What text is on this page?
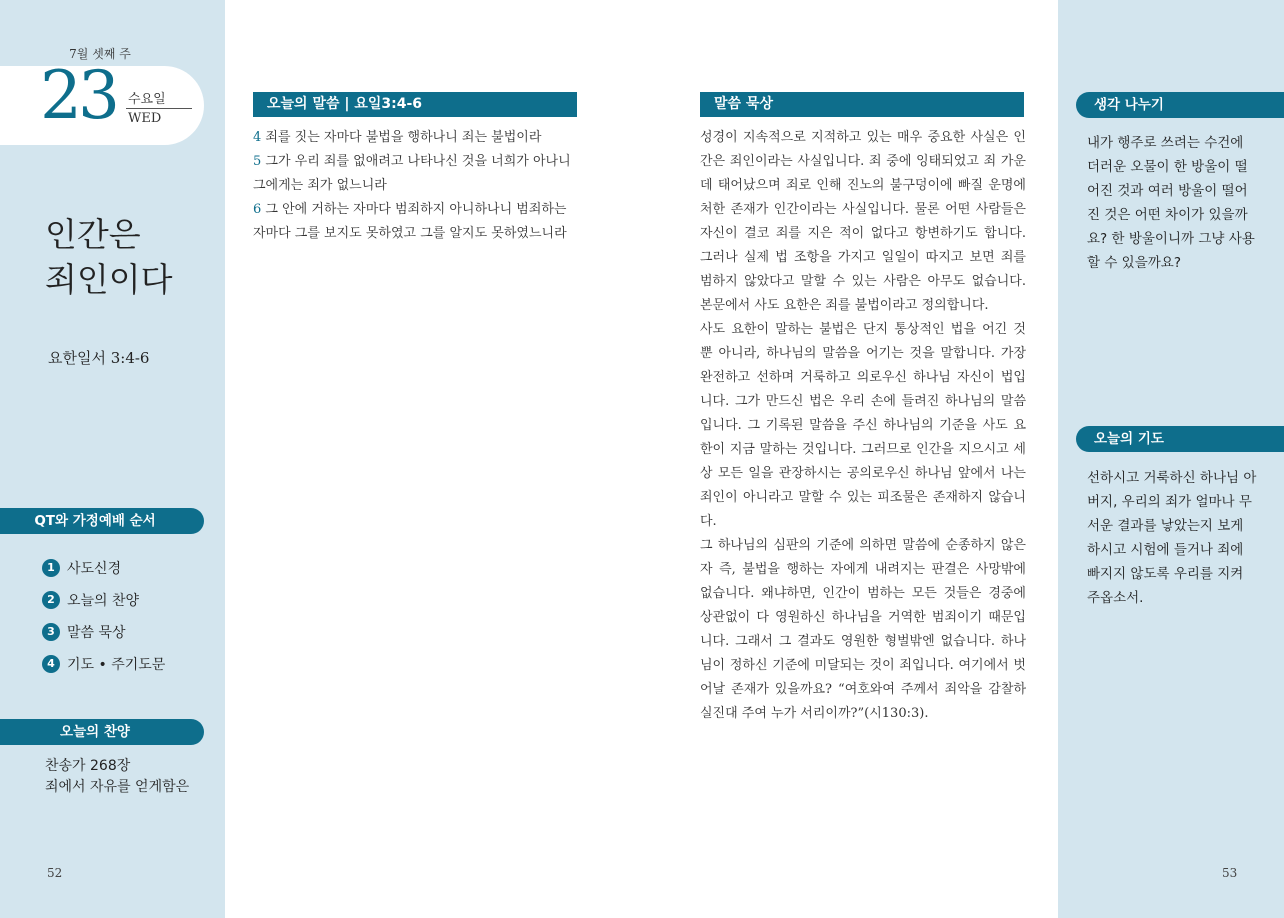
7월 셋째 주
23 수요일
WED
인간은
죄인이다
요한일서 3:4-6
QT와 가정예배 순서
1 사도신경
2 오늘의 찬양
3 말씀 묵상
4 기도 • 주기도문
오늘의 찬양
찬송가 268장
죄에서 자유를 얻게함은
52
오늘의 말씀 | 요일3:4-6

4 죄를 짓는 자마다 불법을 행하나니 죄는 불법이라

5 그가 우리 죄를 없애려고 나타나신 것을 너희가 아나니 그에게는 죄가 없느니라

6 그 안에 거하는 자마다 범죄하지 아니하나니 범죄하는 자마다 그를 보지도 못하였고 그를 알지도 못하였느니라

말씀 묵상

성경이 지속적으로 지적하고 있는 매우 중요한 사실은 인간은 죄인이라는 사실입니다. 죄 중에 잉태되었고 죄 가운데 태어났으며 죄로 인해 진노의 불구덩이에 빠질 운명에 처한 존재가 인간이라는 사실입니다. 물론 어떤 사람들은 자신이 결코 죄를 지은 적이 없다고 항변하기도 합니다. 그러나 실제 법 조항을 가지고 일일이 따지고 보면 죄를 범하지 않았다고 말할 수 있는 사람은 아무도 없습니다. 본문에서 사도 요한은 죄를 불법이라고 정의합니다.

사도 요한이 말하는 불법은 단지 통상적인 법을 어긴 것 뿐 아니라, 하나님의 말씀을 어기는 것을 말합니다. 가장 완전하고 선하며 거룩하고 의로우신 하나님 자신이 법입니다. 그가 만드신 법은 우리 손에 들려진 하나님의 말씀입니다. 그 기록된 말씀을 주신 하나님의 기준을 사도 요한이 지금 말하는 것입니다. 그러므로 인간을 지으시고 세상 모든 일을 관장하시는 공의로우신 하나님 앞에서 나는 죄인이 아니라고 말할 수 있는 피조물은 존재하지 않습니다.

그 하나님의 심판의 기준에 의하면 말씀에 순종하지 않은 자 즉, 불법을 행하는 자에게 내려지는 판결은 사망밖에 없습니다. 왜냐하면, 인간이 범하는 모든 것들은 경중에 상관없이 다 영원하신 하나님을 거역한 범죄이기 때문입니다. 그래서 그 결과도 영원한 형벌밖엔 없습니다. 하나님이 정하신 기준에 미달되는 것이 죄입니다. 여기에서 벗어날 존재가 있을까요? “여호와여 주께서 죄악을 감찰하실진대 주여 누가 서리이까?”(시130:3).

생각 나누기
내가 행주로 쓰려는 수건에 더러운 오물이 한 방울이 떨어진 것과 여러 방울이 떨어진 것은 어떤 차이가 있을까요? 한 방울이니까 그냥 사용할 수 있을까요?
오늘의 기도
선하시고 거룩하신 하나님 아버지, 우리의 죄가 얼마나 무서운 결과를 낳았는지 보게 하시고 시험에 들거나 죄에 빠지지 않도록 우리를 지켜 주옵소서.
53
